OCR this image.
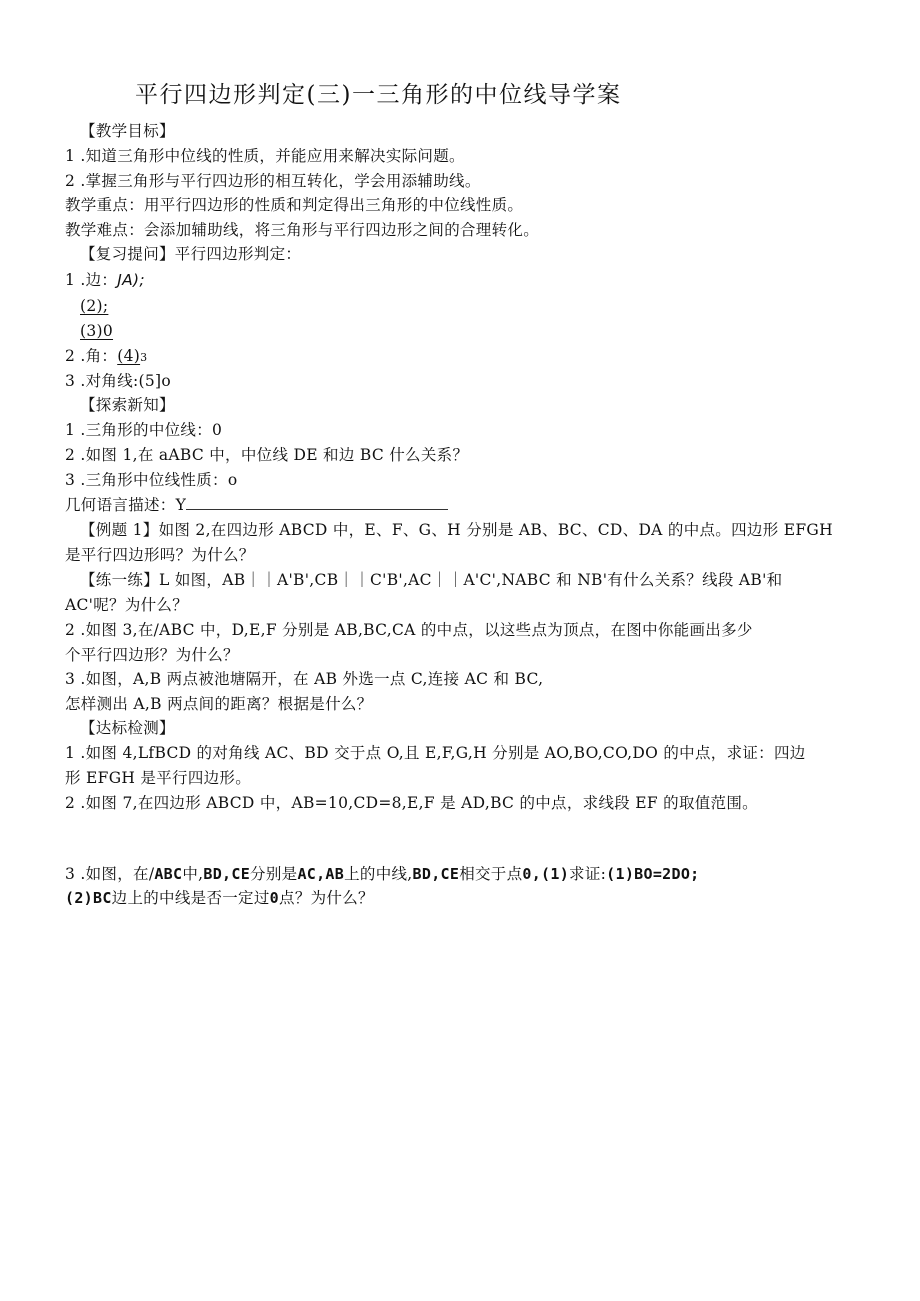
平行四边形判定(三)一三角形的中位线导学案
【教学目标】
1 .知道三角形中位线的性质，并能应用来解决实际问题。
2 .掌握三角形与平行四边形的相互转化，学会用添辅助线。
教学重点：用平行四边形的性质和判定得出三角形的中位线性质。
教学难点：会添加辅助线，将三角形与平行四边形之间的合理转化。
【复习提问】平行四边形判定：
1 .边：JA);
(2);
(3)0
2 .角：(4)3
3 .对角线:(5]o
【探索新知】
1 .三角形的中位线：0
2 .如图 1,在 aABC 中，中位线 DE 和边 BC 什么关系？
3 .三角形中位线性质：o
几何语言描述：Y
【例题 1】如图 2,在四边形 ABCD 中，E、F、G、H 分别是 AB、BC、CD、DA 的中点。四边形 EFGH
是平行四边形吗？为什么？
【练一练】L 如图，AB｜｜A'B',CB｜｜C'B',AC｜｜A'C',NABC 和 NB'有什么关系？线段 AB'和
AC'呢？为什么？
2 .如图 3,在/ABC 中，D,E,F 分别是 AB,BC,CA 的中点，以这些点为顶点，在图中你能画出多少
个平行四边形？为什么？
3 .如图，A,B 两点被池塘隔开，在 AB 外选一点 C,连接 AC 和 BC,
怎样测出 A,B 两点间的距离？根据是什么？
【达标检测】
1 .如图 4,LfBCD 的对角线 AC、BD 交于点 O,且 E,F,G,H 分别是 AO,BO,CO,DO 的中点，求证：四边
形 EFGH 是平行四边形。
2 .如图 7,在四边形 ABCD 中，AB=10,CD=8,E,F 是 AD,BC 的中点，求线段 EF 的取值范围。
3 .如图，在/ABC中,BD,CE分别是AC,AB上的中线,BD,CE相交于点0,(1)求证:(1)BO=2DO;
(2)BC边上的中线是否一定过0点？为什么？
